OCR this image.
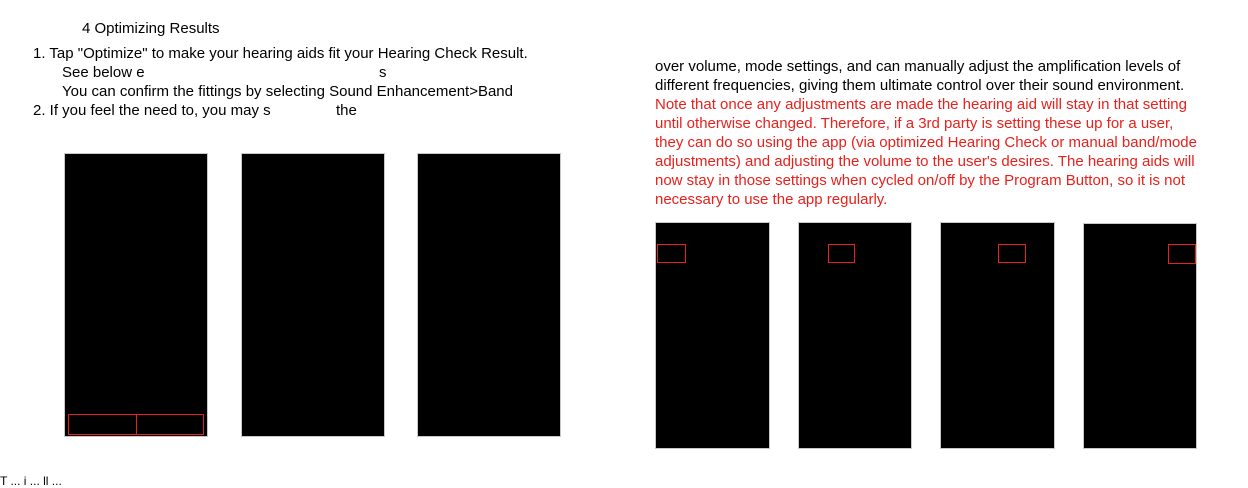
4 Optimizing Results
1. Tap "Optimize" to make your hearing aids fit your Hearing Check Result.
See below e	s
You can confirm the fittings by selecting Sound Enhancement>Band
2. If you feel the need to, you may s	the
T ... i ... ll ...
over volume, mode settings, and can manually adjust the amplification levels of
different frequencies, giving them ultimate control over their sound environment.
Note that once any adjustments are made the hearing aid will stay in that setting
until otherwise changed. Therefore, if a 3rd party is setting these up for a user,
they can do so using the app (via optimized Hearing Check or manual band/mode
adjustments) and adjusting the volume to the user's desires. The hearing aids will
now stay in those settings when cycled on/off by the Program Button, so it is not
necessary to use the app regularly.
